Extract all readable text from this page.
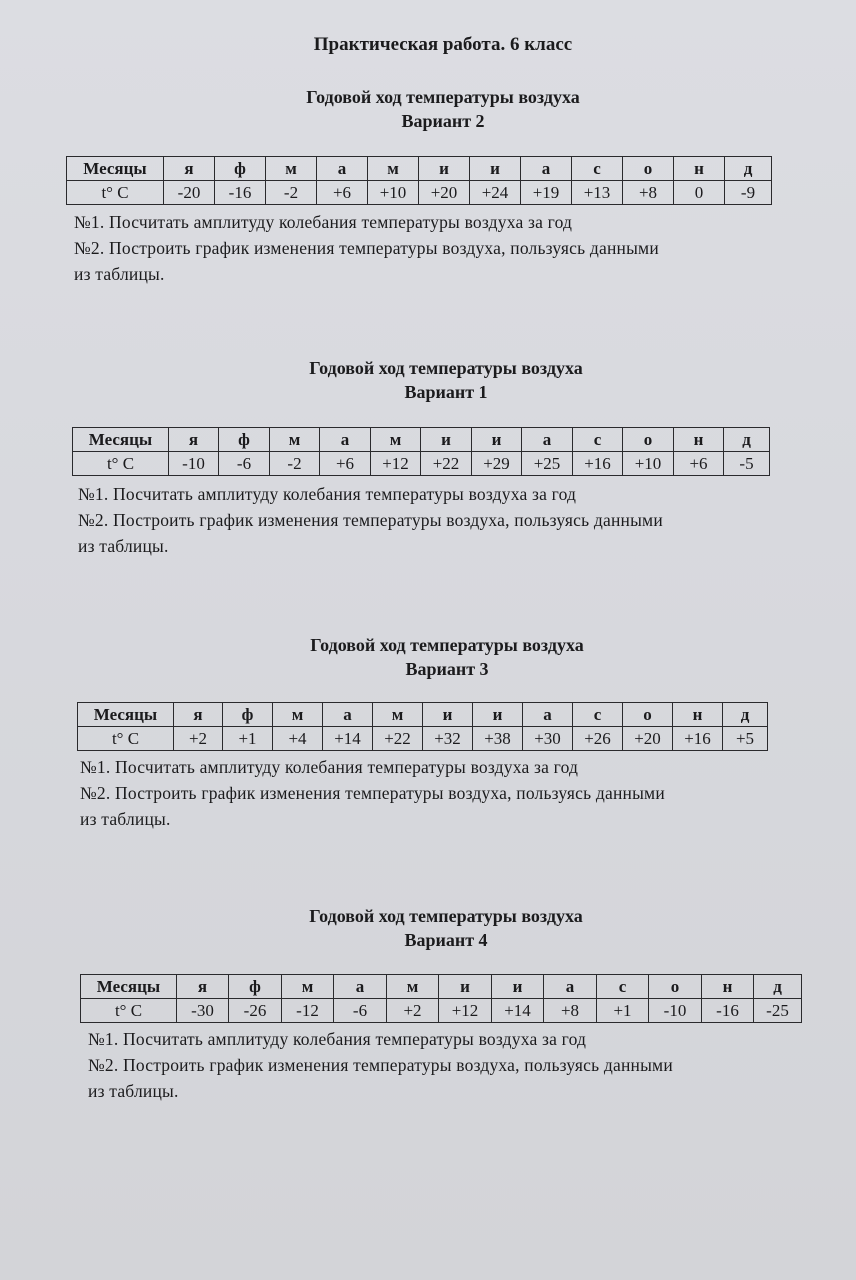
Практическая работа. 6 класс
Годовой ход температуры воздуха
Вариант 2
Месяцы	я	ф	м	а	м	и	и	а	с	о	н	д
t° C	-20	-16	-2	+6	+10	+20	+24	+19	+13	+8	0	-9
№1. Посчитать амплитуду колебания температуры воздуха за год
№2. Построить график изменения температуры воздуха, пользуясь данными
из таблицы.
Годовой ход температуры воздуха
Вариант 1
Месяцы	я	ф	м	а	м	и	и	а	с	о	н	д
t° C	-10	-6	-2	+6	+12	+22	+29	+25	+16	+10	+6	-5
№1. Посчитать амплитуду колебания температуры воздуха за год
№2. Построить график изменения температуры воздуха, пользуясь данными
из таблицы.
Годовой ход температуры воздуха
Вариант 3
Месяцы	я	ф	м	а	м	и	и	а	с	о	н	д
t° C	+2	+1	+4	+14	+22	+32	+38	+30	+26	+20	+16	+5
№1. Посчитать амплитуду колебания температуры воздуха за год
№2. Построить график изменения температуры воздуха, пользуясь данными
из таблицы.
Годовой ход температуры воздуха
Вариант 4
Месяцы	я	ф	м	а	м	и	и	а	с	о	н	д
t° C	-30	-26	-12	-6	+2	+12	+14	+8	+1	-10	-16	-25
№1. Посчитать амплитуду колебания температуры воздуха за год
№2. Построить график изменения температуры воздуха, пользуясь данными
из таблицы.
